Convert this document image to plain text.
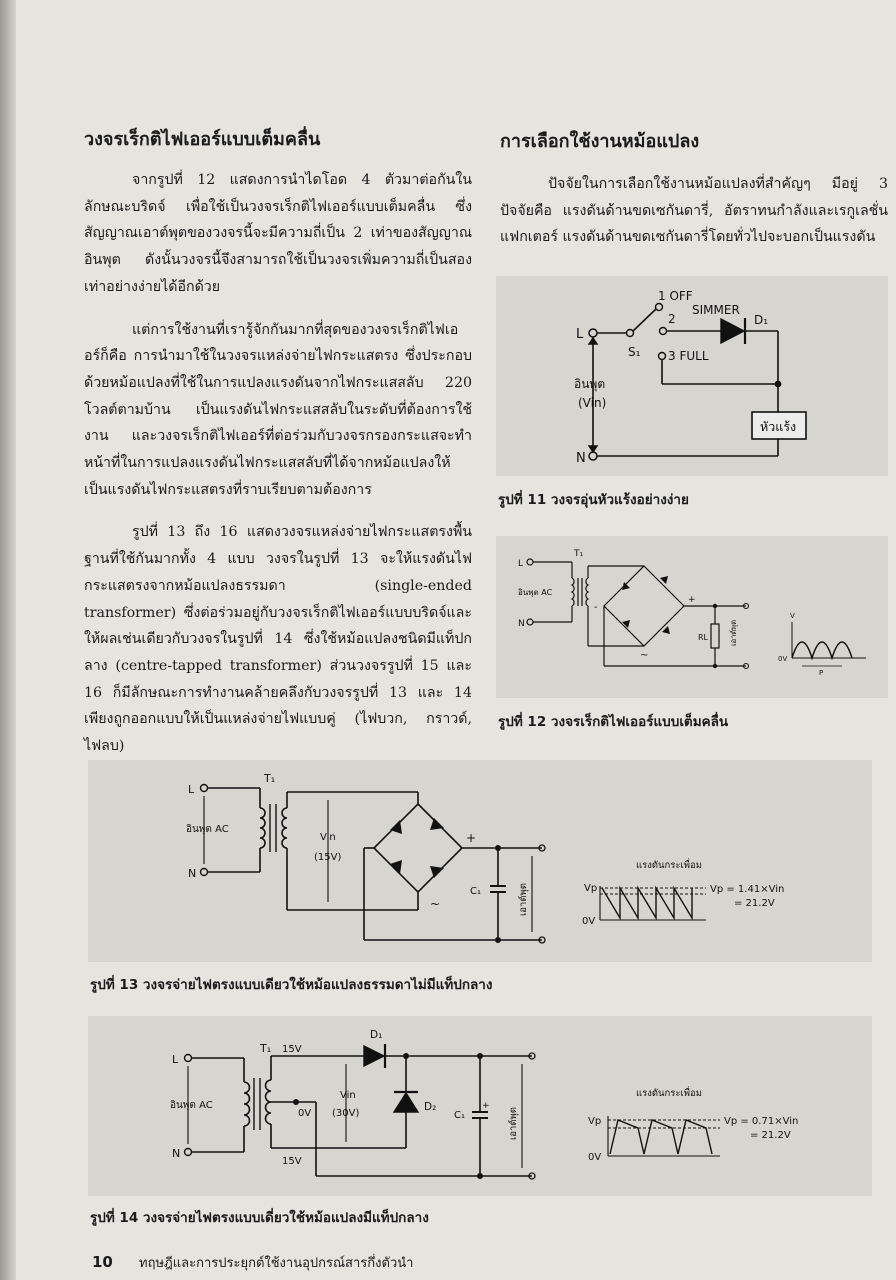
วงจรเร็กติไฟเออร์แบบเต็มคลื่น

จากรูปที่ 12 แสดงการนำไดโอด 4 ตัวมาต่อกันในลักษณะบริดจ์ เพื่อใช้เป็นวงจรเร็กติไฟเออร์แบบเต็มคลื่น ซึ่งสัญญาณเอาต์พุตของวงจรนี้จะมีความถี่เป็น 2 เท่าของสัญญาณอินพุต ดังนั้นวงจรนี้จึงสามารถใช้เป็นวงจรเพิ่มความถี่เป็นสองเท่าอย่างง่ายได้อีกด้วย

แต่การใช้งานที่เรารู้จักกันมากที่สุดของวงจรเร็กติไฟเออร์ก็คือ การนำมาใช้ในวงจรแหล่งจ่ายไฟกระแสตรง ซึ่งประกอบด้วยหม้อแปลงที่ใช้ในการแปลงแรงดันจากไฟกระแสสลับ 220 โวลต์ตามบ้าน เป็นแรงดันไฟกระแสสลับในระดับที่ต้องการใช้งาน และวงจรเร็กติไฟเออร์ที่ต่อร่วมกับวงจรกรองกระแสจะทำหน้าที่ในการแปลงแรงดันไฟกระแสสลับที่ได้จากหม้อแปลงให้เป็นแรงดันไฟกระแสตรงที่ราบเรียบตามต้องการ

รูปที่ 13 ถึง 16 แสดงวงจรแหล่งจ่ายไฟกระแสตรงพื้นฐานที่ใช้กันมากทั้ง 4 แบบ วงจรในรูปที่ 13 จะให้แรงดันไฟกระแสตรงจากหม้อแปลงธรรมดา (single-ended transformer) ซึ่งต่อร่วมอยู่กับวงจรเร็กติไฟเออร์แบบบริดจ์และให้ผลเช่นเดียวกับวงจรในรูปที่ 14 ซึ่งใช้หม้อแปลงชนิดมีแท็ปกลาง (centre-tapped transformer) ส่วนวงจรรูปที่ 15 และ 16 ก็มีลักษณะการทำงานคล้ายคลึงกับวงจรรูปที่ 13 และ 14 เพียงถูกออกแบบให้เป็นแหล่งจ่ายไฟแบบคู่ (ไฟบวก, กราวด์, ไฟลบ)

การเลือกใช้งานหม้อแปลง

ปัจจัยในการเลือกใช้งานหม้อแปลงที่สำคัญๆ มีอยู่ 3 ปัจจัยคือ แรงดันด้านขดเซกันดารี่, อัตราทนกำลังและเรกูเลชั่นแฟกเตอร์ แรงดันด้านขดเซกันดารี่โดยทั่วไปจะบอกเป็นแรงดัน

L
N
1 OFF
2
3 FULL
S₁
SIMMER
D₁
หัวแร้ง
อินพุต
(Vin)
รูปที่ 11 วงจรอุ่นหัวแร้งอย่างง่าย
L
N
อินพุต AC
T₁
+
-
~
RL	เอาต์พุต
V
0V
P
รูปที่ 12 วงจรเร็กติไฟเออร์แบบเต็มคลื่น
L
N
อินพุต AC
T₁
Vin
(15V)
+
~
C₁	เอาต์พุต
แรงดันกระเพื่อม
Vp
0V
Vp = 1.41×Vin
= 21.2V
รูปที่ 13 วงจรจ่ายไฟตรงแบบเดียวใช้หม้อแปลงธรรมดาไม่มีแท็ปกลาง
L
N
อินพุต AC
T₁ 15V
15V
0V
Vin
(30V)
D₁
D₂	+
C₁	เอาต์พุต
แรงดันกระเพื่อม
Vp
0V
Vp = 0.71×Vin
= 21.2V
รูปที่ 14 วงจรจ่ายไฟตรงแบบเดี่ยวใช้หม้อแปลงมีแท็ปกลาง
10 ทฤษฎีและการประยุกต์ใช้งานอุปกรณ์สารกึ่งตัวนำ
